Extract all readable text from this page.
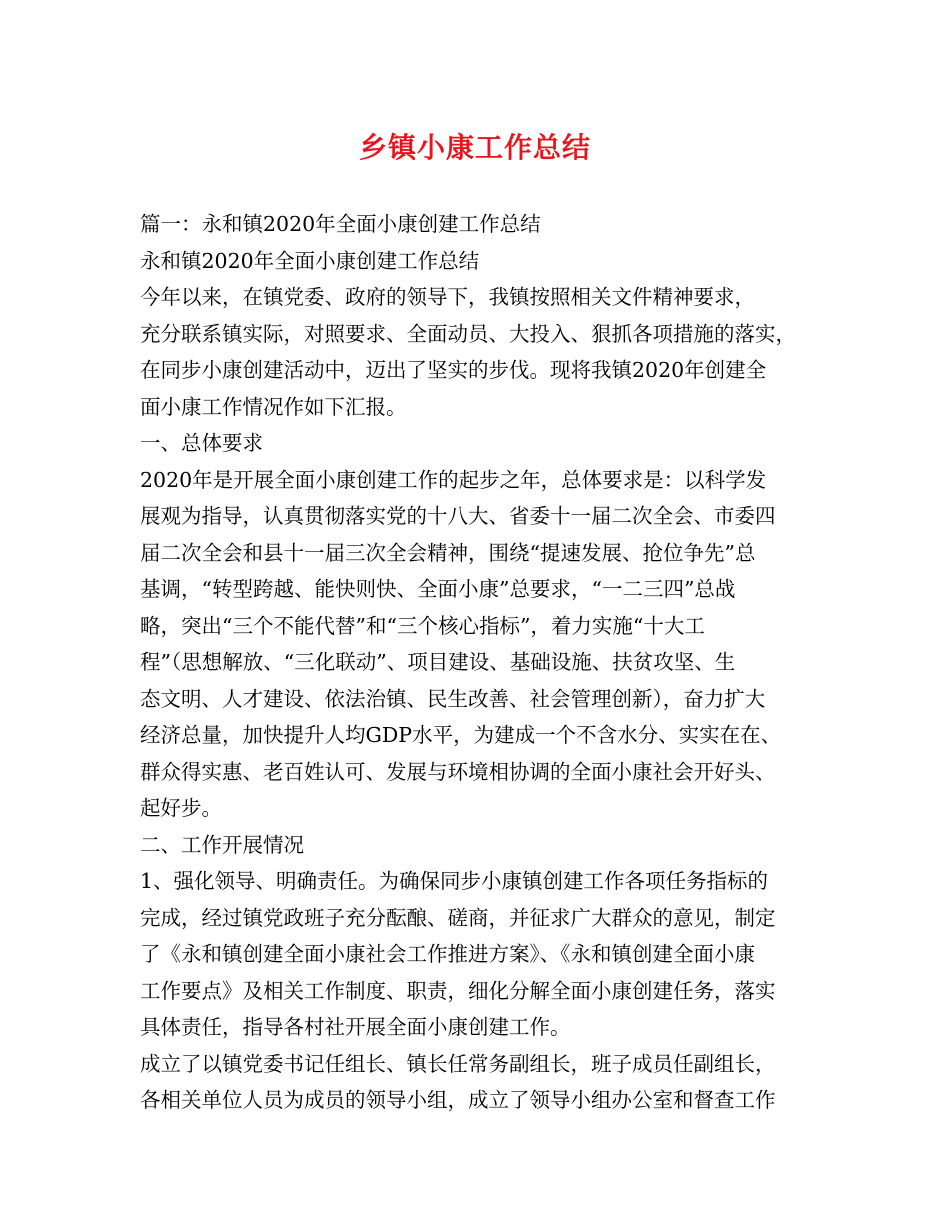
乡镇小康工作总结
篇一：永和镇2020年全面小康创建工作总结
永和镇2020年全面小康创建工作总结
今年以来，在镇党委、政府的领导下，我镇按照相关文件精神要求，
充分联系镇实际，对照要求、全面动员、大投入、狠抓各项措施的落实，
在同步小康创建活动中，迈出了坚实的步伐。现将我镇2020年创建全
面小康工作情况作如下汇报。
一、总体要求
2020年是开展全面小康创建工作的起步之年，总体要求是：以科学发
展观为指导，认真贯彻落实党的十八大、省委十一届二次全会、市委四
届二次全会和县十一届三次全会精神，围绕“提速发展、抢位争先”总
基调，“转型跨越、能快则快、全面小康”总要求，“一二三四”总战
略，突出“三个不能代替”和“三个核心指标”，着力实施“十大工
程”（思想解放、“三化联动”、项目建设、基础设施、扶贫攻坚、生
态文明、人才建设、依法治镇、民生改善、社会管理创新），奋力扩大
经济总量，加快提升人均GDP水平，为建成一个不含水分、实实在在、
群众得实惠、老百姓认可、发展与环境相协调的全面小康社会开好头、
起好步。
二、工作开展情况
1、强化领导、明确责任。为确保同步小康镇创建工作各项任务指标的
完成，经过镇党政班子充分酝酿、磋商，并征求广大群众的意见，制定
了《永和镇创建全面小康社会工作推进方案》、《永和镇创建全面小康
工作要点》及相关工作制度、职责，细化分解全面小康创建任务，落实
具体责任，指导各村社开展全面小康创建工作。
成立了以镇党委书记任组长、镇长任常务副组长，班子成员任副组长，
各相关单位人员为成员的领导小组，成立了领导小组办公室和督查工作
